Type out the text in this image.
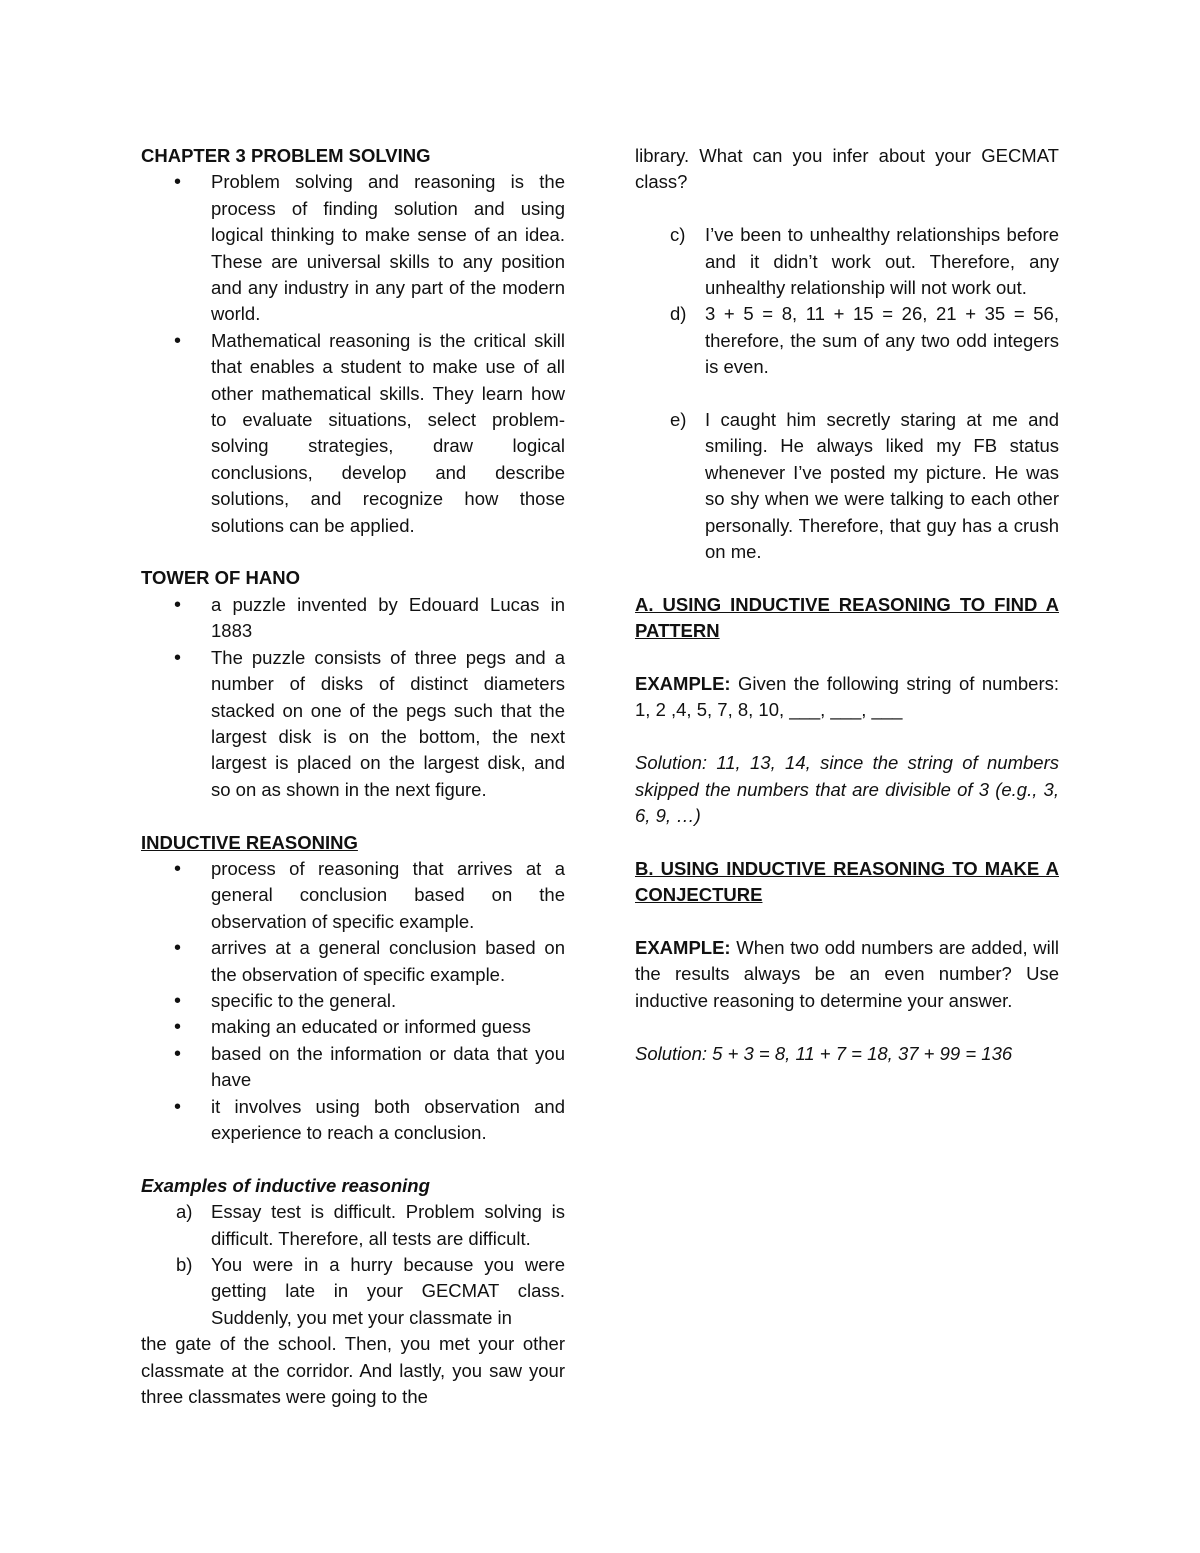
CHAPTER 3 PROBLEM SOLVING

• Problem solving and reasoning is the process of finding solution and using logical thinking to make sense of an idea. These are universal skills to any position and any industry in any part of the modern world.
• Mathematical reasoning is the critical skill that enables a student to make use of all other mathematical skills. They learn how to evaluate situations, select problem-solving strategies, draw logical conclusions, develop and describe solutions, and recognize how those solutions can be applied.

TOWER OF HANO

• a puzzle invented by Edouard Lucas in 1883
• The puzzle consists of three pegs and a number of disks of distinct diameters stacked on one of the pegs such that the largest disk is on the bottom, the next largest is placed on the largest disk, and so on as shown in the next figure.

INDUCTIVE REASONING

• process of reasoning that arrives at a general conclusion based on the observation of specific example.
• arrives at a general conclusion based on the observation of specific example.
• specific to the general.
• making an educated or informed guess
• based on the information or data that you have
• it involves using both observation and experience to reach a conclusion.

Examples of inductive reasoning

a) Essay test is difficult. Problem solving is difficult. Therefore, all tests are difficult.
b) You were in a hurry because you were getting late in your GECMAT class. Suddenly, you met your classmate in

the gate of the school. Then, you met your other classmate at the corridor. And lastly, you saw your three classmates were going to the

library. What can you infer about your GECMAT class?

c) I’ve been to unhealthy relationships before and it didn’t work out. Therefore, any unhealthy relationship will not work out.
d) 3 + 5 = 8, 11 + 15 = 26, 21 + 35 = 56, therefore, the sum of any two odd integers is even.
e) I caught him secretly staring at me and smiling. He always liked my FB status whenever I’ve posted my picture. He was so shy when we were talking to each other personally. Therefore, that guy has a crush on me.

A. USING INDUCTIVE REASONING TO FIND A PATTERN

EXAMPLE: Given the following string of numbers: 1, 2 ,4, 5, 7, 8, 10, ___, ___, ___

Solution: 11, 13, 14, since the string of numbers skipped the numbers that are divisible of 3 (e.g., 3, 6, 9, …)

B. USING INDUCTIVE REASONING TO MAKE A CONJECTURE

EXAMPLE: When two odd numbers are added, will the results always be an even number? Use inductive reasoning to determine your answer.

Solution: 5 + 3 = 8, 11 + 7 = 18, 37 + 99 = 136
